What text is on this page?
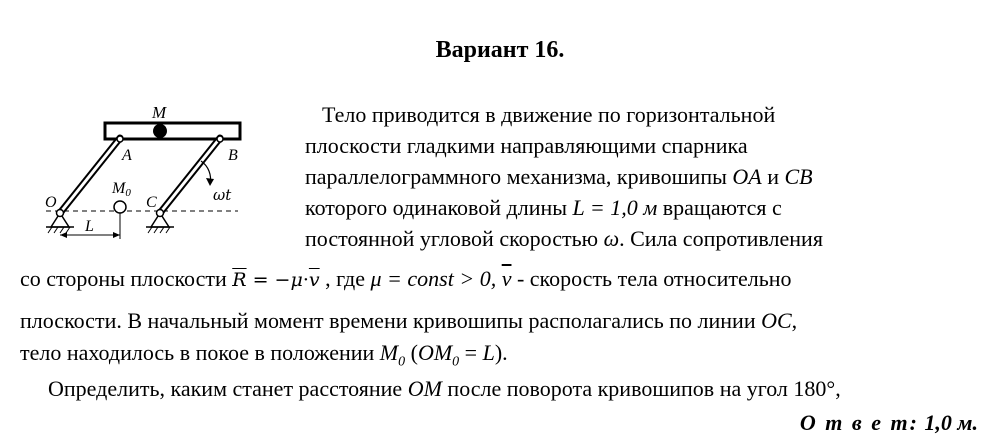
Вариант 16.
M
A	B
O
M0
C
L
ωt
Тело приводится в движение по горизонтальной
плоскости гладкими направляющими спарника
параллелограммного механизма, кривошипы OA и CB
которого одинаковой длины L = 1,0 м вращаются с
постоянной угловой скоростью ω. Сила сопротивления
со стороны плоскости $\overline{R} = -\mu\cdot\overline{v}$ , где μ = const > 0, $\overline{v}$ - скорость тела относительно
плоскости. В начальный момент времени кривошипы располагались по линии OC,
тело находилось в покое в положении $M_0$ $(OM_0 = L)$.
Определить, каким станет расстояние OM после поворота кривошипов на угол 180°,
О т в е т: 1,0 м.
